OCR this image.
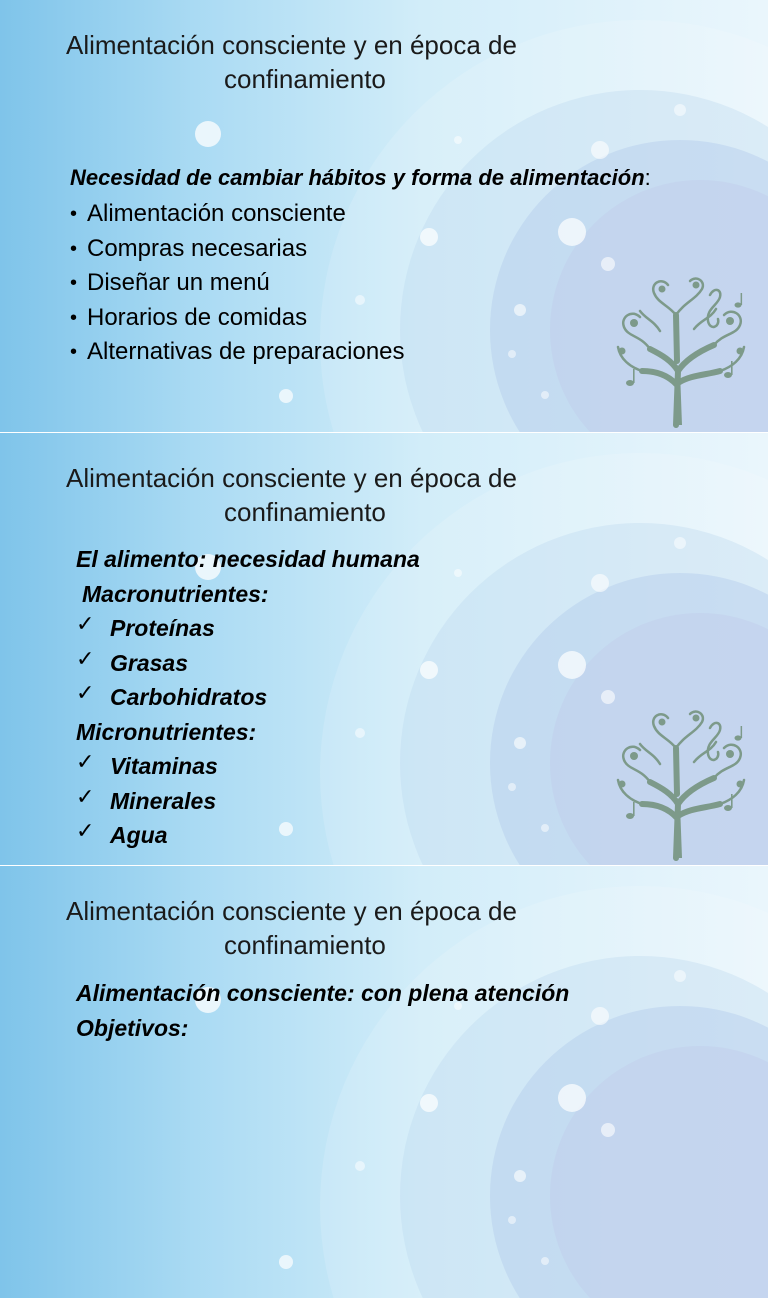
Alimentación consciente y en época de
confinamiento
Necesidad de cambiar hábitos y forma de alimentación:
• Alimentación consciente
• Compras necesarias
• Diseñar un menú
• Horarios de comidas
• Alternativas de preparaciones
Alimentación consciente y en época de
confinamiento
El alimento: necesidad humana
Macronutrientes:
✓ Proteínas
✓ Grasas
✓ Carbohidratos
Micronutrientes:
✓ Vitaminas
✓ Minerales
✓ Agua
Alimentación consciente y en época de
confinamiento
Alimentación consciente: con plena atención
Objetivos:
